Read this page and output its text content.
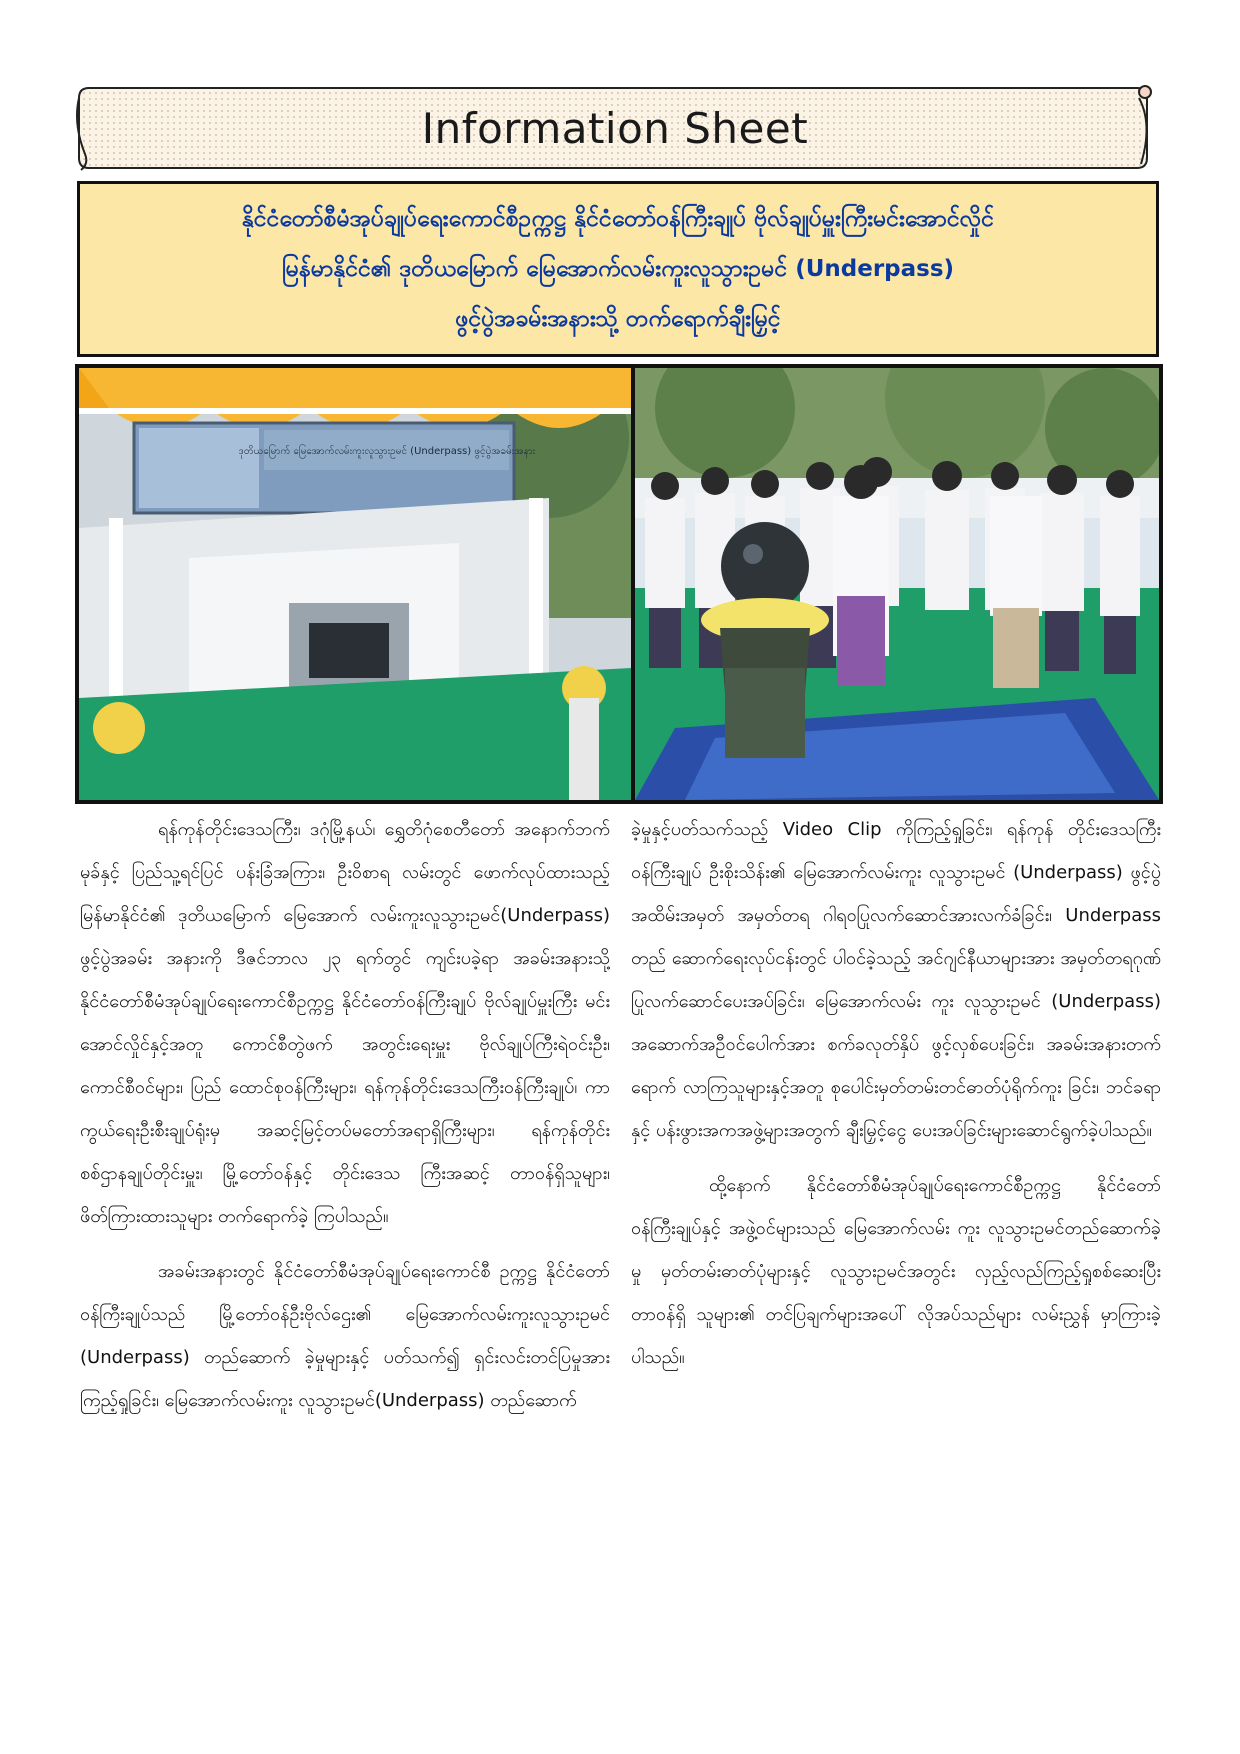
Information Sheet
နိုင်ငံတော်စီမံအုပ်ချုပ်ရေးကောင်စီဥက္ကဋ္ဌ နိုင်ငံတော်ဝန်ကြီးချုပ် ဗိုလ်ချုပ်မှူးကြီးမင်းအောင်လှိုင်
မြန်မာနိုင်ငံ၏ ဒုတိယမြောက် မြေအောက်လမ်းကူးလူသွားဥမင် (Underpass)
ဖွင့်ပွဲအခမ်းအနားသို့ တက်ရောက်ချီးမြှင့်
ဒုတိယမြောက် မြေအောက်လမ်းကူးလူသွားဥမင် (Underpass) ဖွင့်ပွဲအခမ်းအနား

ရန်ကုန်တိုင်းဒေသကြီး၊ ဒဂုံမြို့နယ်၊ ရွှေတိဂုံစေတီတော် အနောက်ဘက်မုခ်နှင့် ပြည်သူ့ရင်ပြင် ပန်းခြံအကြား၊ ဦးဝိစာရ လမ်းတွင် ဖောက်လုပ်ထားသည့် မြန်မာနိုင်ငံ၏ ဒုတိယမြောက် မြေအောက် လမ်းကူးလူသွားဥမင်(Underpass) ဖွင့်ပွဲအခမ်း အနားကို ဒီဇင်ဘာလ ၂၃ ရက်တွင် ကျင်းပခဲ့ရာ အခမ်းအနားသို့ နိုင်ငံတော်စီမံအုပ်ချုပ်ရေးကောင်စီဥက္ကဋ္ဌ နိုင်ငံတော်ဝန်ကြီးချုပ် ဗိုလ်ချုပ်မှူးကြီး မင်းအောင်လှိုင်နှင့်အတူ ကောင်စီတွဲဖက် အတွင်းရေးမှူး ဗိုလ်ချုပ်ကြီးရဲဝင်းဦး၊ ကောင်စီဝင်များ၊ ပြည် ထောင်စုဝန်ကြီးများ၊ ရန်ကုန်တိုင်းဒေသကြီးဝန်ကြီးချုပ်၊ ကာ ကွယ်ရေးဦးစီးချုပ်ရုံးမှ အဆင့်မြင့်တပ်မတော်အရာရှိကြီးများ၊ ရန်ကုန်တိုင်းစစ်ဌာနချုပ်တိုင်းမှူး၊ မြို့တော်ဝန်နှင့် တိုင်းဒေသ ကြီးအဆင့် တာဝန်ရှိသူများ၊ ဖိတ်ကြားထားသူများ တက်ရောက်ခဲ့ ကြပါသည်။

အခမ်းအနားတွင် နိုင်ငံတော်စီမံအုပ်ချုပ်ရေးကောင်စီ ဥက္ကဋ္ဌ နိုင်ငံတော်ဝန်ကြီးချုပ်သည် မြို့တော်ဝန်ဦးဗိုလ်ဌေး၏ မြေအောက်လမ်းကူးလူသွားဥမင် (Underpass) တည်ဆောက် ခဲ့မှုများနှင့် ပတ်သက်၍ ရှင်းလင်းတင်ပြမှုအား ကြည့်ရှုခြင်း၊ မြေအောက်လမ်းကူး လူသွားဥမင်(Underpass) တည်ဆောက်

ခဲ့မှုနှင့်ပတ်သက်သည့် Video Clip ကိုကြည့်ရှုခြင်း၊ ရန်ကုန် တိုင်းဒေသကြီးဝန်ကြီးချုပ် ဦးစိုးသိန်း၏ မြေအောက်လမ်းကူး လူသွားဥမင် (Underpass) ဖွင့်ပွဲအထိမ်းအမှတ် အမှတ်တရ ဂါရဝပြုလက်ဆောင်အားလက်ခံခြင်း၊ Underpass တည် ဆောက်ရေးလုပ်ငန်းတွင် ပါဝင်ခဲ့သည့် အင်ဂျင်နီယာများအား အမှတ်တရဂုဏ်ပြုလက်ဆောင်ပေးအပ်ခြင်း၊ မြေအောက်လမ်း ကူး လူသွားဥမင် (Underpass) အဆောက်အဦဝင်ပေါက်အား စက်ခလုတ်နှိပ် ဖွင့်လှစ်ပေးခြင်း၊ အခမ်းအနားတက်ရောက် လာကြသူများနှင့်အတူ စုပေါင်းမှတ်တမ်းတင်ဓာတ်ပုံရိုက်ကူး ခြင်း၊ ဘင်ခရာနှင့် ပန်းဖွားအကအဖွဲ့များအတွက် ချီးမြှင့်ငွေ ပေးအပ်ခြင်းများဆောင်ရွက်ခဲ့ပါသည်။

ထို့နောက် နိုင်ငံတော်စီမံအုပ်ချုပ်ရေးကောင်စီဥက္ကဋ္ဌ နိုင်ငံတော်ဝန်ကြီးချုပ်နှင့် အဖွဲ့ဝင်များသည် မြေအောက်လမ်း ကူး လူသွားဥမင်တည်ဆောက်ခဲ့မှု မှတ်တမ်းဓာတ်ပုံများနှင့် လူသွားဥမင်အတွင်း လှည့်လည်ကြည့်ရှုစစ်ဆေးပြီး တာဝန်ရှိ သူများ၏ တင်ပြချက်များအပေါ် လိုအပ်သည်များ လမ်းညွှန် မှာကြားခဲ့ပါသည်။
